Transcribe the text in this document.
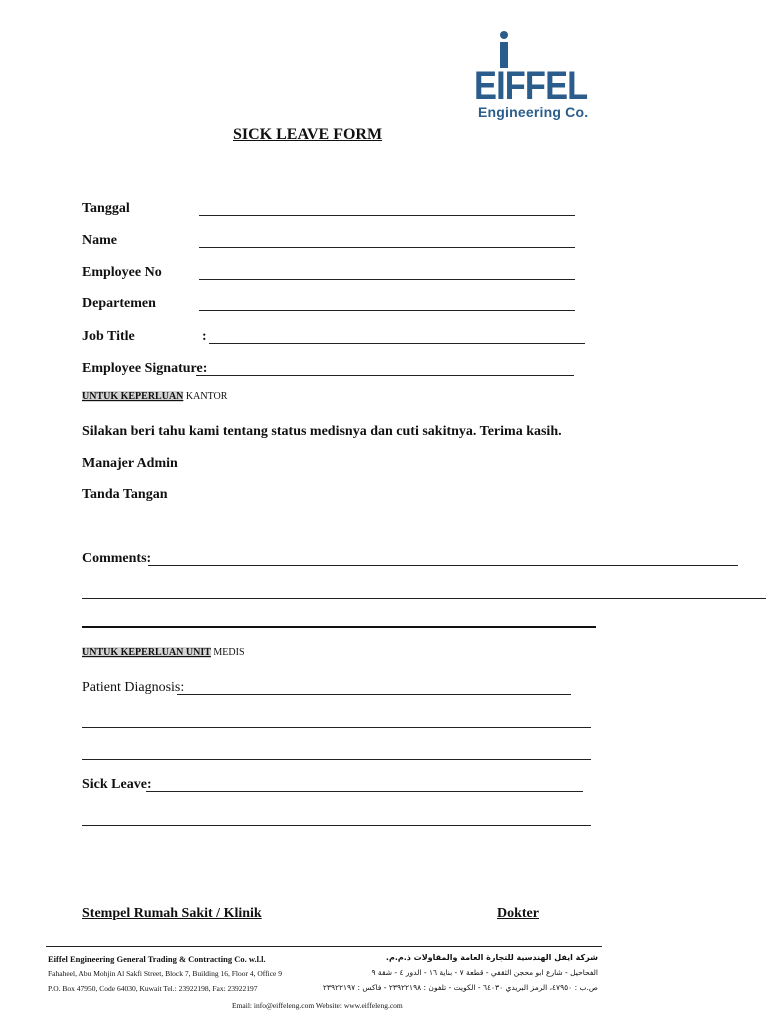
EIFFEL
Engineering Co.
SICK LEAVE FORM
Tanggal
Name
Employee No
Departemen
Job Title	:
Employee Signature:
UNTUK KEPERLUAN KANTOR
Silakan beri tahu kami tentang status medisnya dan cuti sakitnya. Terima kasih.
Manajer Admin
Tanda Tangan
Comments:
UNTUK KEPERLUAN UNIT MEDIS
Patient Diagnosis:
Sick Leave:
Stempel Rumah Sakit / Klinik	Dokter
Eiffel Engineering General Trading & Contracting Co. w.l.l.
Fahaheel, Abu Mohjin Al Sakfi Street, Block 7, Building 16, Floor 4, Office 9
P.O. Box 47950, Code 64030, Kuwait Tel.: 23922198, Fax: 23922197
شركة ايفل الهندسية للتجارة العامة والمقاولات ذ.م.م.
الفحاحيل - شارع ابو محجن الثقفي - قطعة ٧ - بناية ١٦ - الدور ٤ - شقة ٩
ص.ب : ٤٧٩٥٠، الرمز البريدي ٦٤٠٣٠ - الكويت - تلفون : ٢٣٩٢٢١٩٨ - فاكس : ٢٣٩٢٢١٩٧
Email: info@eiffeleng.com Website: www.eiffeleng.com
